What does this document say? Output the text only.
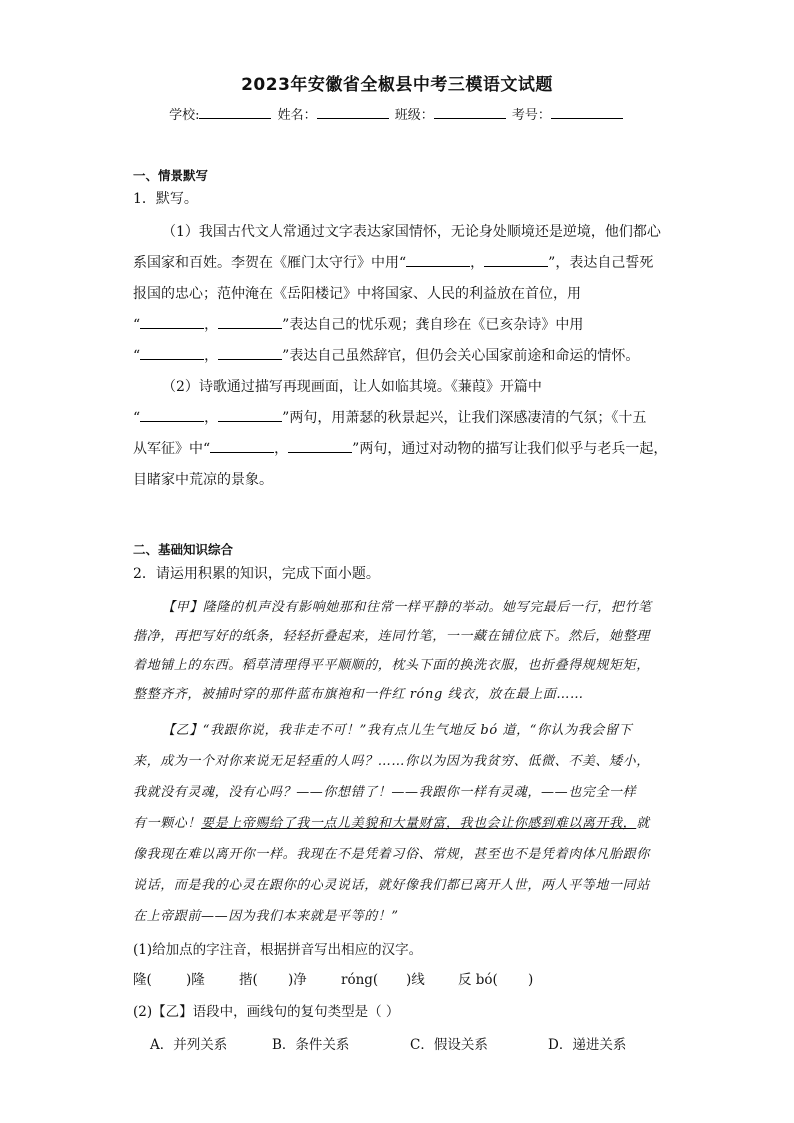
2023年安徽省全椒县中考三模语文试题
学校:	姓名：	班级：	考号：
一、情景默写
1．默写。
（1）我国古代文人常通过文字表达家国情怀，无论身处顺境还是逆境，他们都心
系国家和百姓。李贺在《雁门太守行》中用“	，	”，表达自己誓死
报国的忠心；范仲淹在《岳阳楼记》中将国家、人民的利益放在首位，用
“	，	”表达自己的忧乐观；龚自珍在《已亥杂诗》中用
“	，	”表达自己虽然辞官，但仍会关心国家前途和命运的情怀。
（2）诗歌通过描写再现画面，让人如临其境。《蒹葭》开篇中
“	，	”两句，用萧瑟的秋景起兴，让我们深感凄清的气氛；《十五
从军征》中“	，	”两句，通过对动物的描写让我们似乎与老兵一起，
目睹家中荒凉的景象。
二、基础知识综合
2．请运用积累的知识，完成下面小题。
【甲】隆隆的机声没有影响她那和往常一样平静的举动。她写完最后一行，把竹笔
揩净，再把写好的纸条，轻轻折叠起来，连同竹笔，一一藏在铺位底下。然后，她整理
着地铺上的东西。稻草清理得平平顺顺的，枕头下面的换洗衣服，也折叠得规规矩矩，
整整齐齐，被捕时穿的那件蓝布旗袍和一件红 róng 线衣，放在最上面……
【乙】“我跟你说，我非走不可！”我有点儿生气地反 bó 道，“你认为我会留下
来，成为一个对你来说无足轻重的人吗？……你以为因为我贫穷、低微、不美、矮小，
我就没有灵魂，没有心吗？——你想错了！——我跟你一样有灵魂，——也完全一样
有一颗心！要是上帝赐给了我一点儿美貌和大量财富，我也会让你感到难以离开我，就
像我现在难以离开你一样。我现在不是凭着习俗、常规，甚至也不是凭着肉体凡胎跟你
说话，而是我的心灵在跟你的心灵说话，就好像我们都已离开人世，两人平等地一同站
在上帝跟前——因为我们本来就是平等的！”
(1)给加点的字注音，根据拼音写出相应的汉字。
隆(	)隆	揩( )净	róng( )线 反 bó( )
(2)【乙】语段中，画线句的复句类型是（ ）
A．并列关系	B．条件关系	C．假设关系	D．递进关系
